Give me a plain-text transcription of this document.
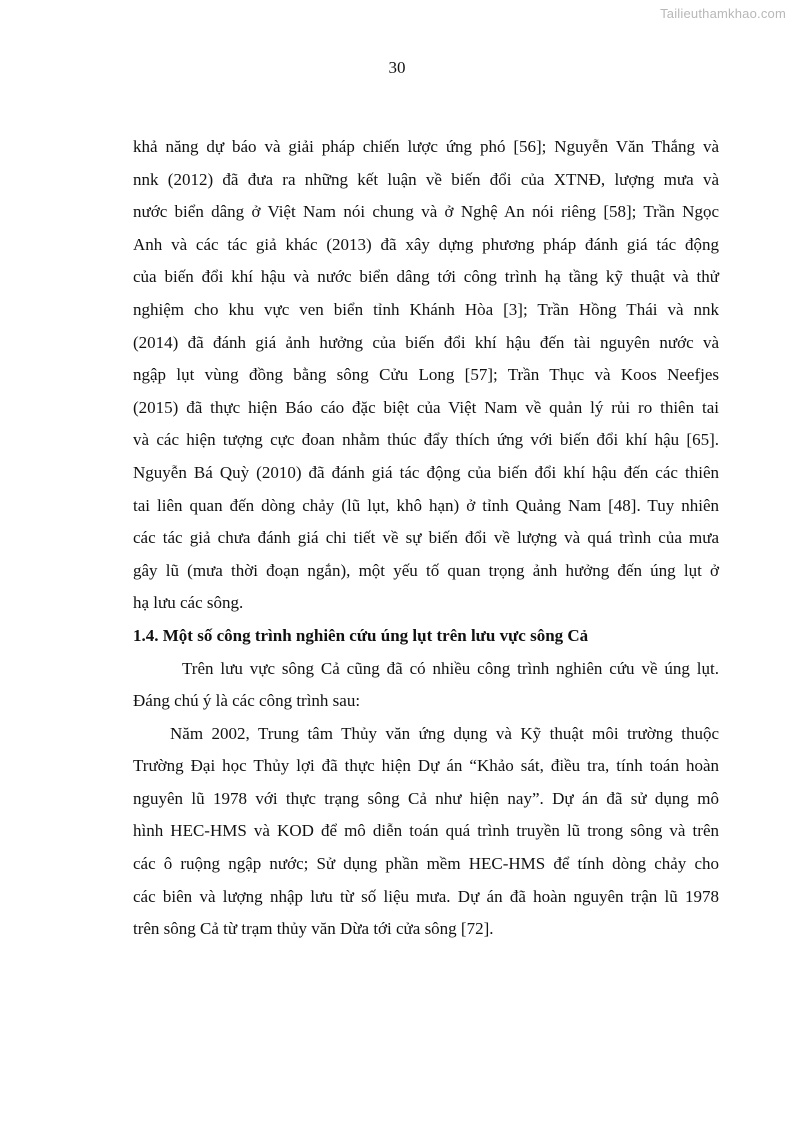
Tailieuthamkhao.com
30

khả năng dự báo và giải pháp chiến lược ứng phó [56]; Nguyễn Văn Thắng và
nnk (2012) đã đưa ra những kết luận về biến đổi của XTNĐ, lượng mưa và
nước biển dâng ở Việt Nam nói chung và ở Nghệ An nói riêng [58]; Trần Ngọc
Anh và các tác giả khác (2013) đã xây dựng phương pháp đánh giá tác động
của biến đổi khí hậu và nước biển dâng tới công trình hạ tầng kỹ thuật và thử
nghiệm cho khu vực ven biển tỉnh Khánh Hòa [3]; Trần Hồng Thái và nnk
(2014) đã đánh giá ảnh hưởng của biến đổi khí hậu đến tài nguyên nước và
ngập lụt vùng đồng bằng sông Cửu Long [57]; Trần Thục và Koos Neefjes
(2015) đã thực hiện Báo cáo đặc biệt của Việt Nam về quản lý rủi ro thiên tai
và các hiện tượng cực đoan nhằm thúc đẩy thích ứng với biến đổi khí hậu [65].
Nguyễn Bá Quỳ (2010) đã đánh giá tác động của biến đổi khí hậu đến các thiên
tai liên quan đến dòng chảy (lũ lụt, khô hạn) ở tỉnh Quảng Nam [48]. Tuy nhiên
các tác giả chưa đánh giá chi tiết về sự biến đổi về lượng và quá trình của mưa
gây lũ (mưa thời đoạn ngắn), một yếu tố quan trọng ảnh hưởng đến úng lụt ở
hạ lưu các sông.

1.4. Một số công trình nghiên cứu úng lụt trên lưu vực sông Cả

Trên lưu vực sông Cả cũng đã có nhiều công trình nghiên cứu về úng lụt.
Đáng chú ý là các công trình sau:

Năm 2002, Trung tâm Thủy văn ứng dụng và Kỹ thuật môi trường thuộc
Trường Đại học Thủy lợi đã thực hiện Dự án “Khảo sát, điều tra, tính toán hoàn
nguyên lũ 1978 với thực trạng sông Cả như hiện nay”. Dự án đã sử dụng mô
hình HEC-HMS và KOD để mô diễn toán quá trình truyền lũ trong sông và trên
các ô ruộng ngập nước; Sử dụng phần mềm HEC-HMS để tính dòng chảy cho
các biên và lượng nhập lưu từ số liệu mưa. Dự án đã hoàn nguyên trận lũ 1978
trên sông Cả từ trạm thủy văn Dừa tới cửa sông [72].
